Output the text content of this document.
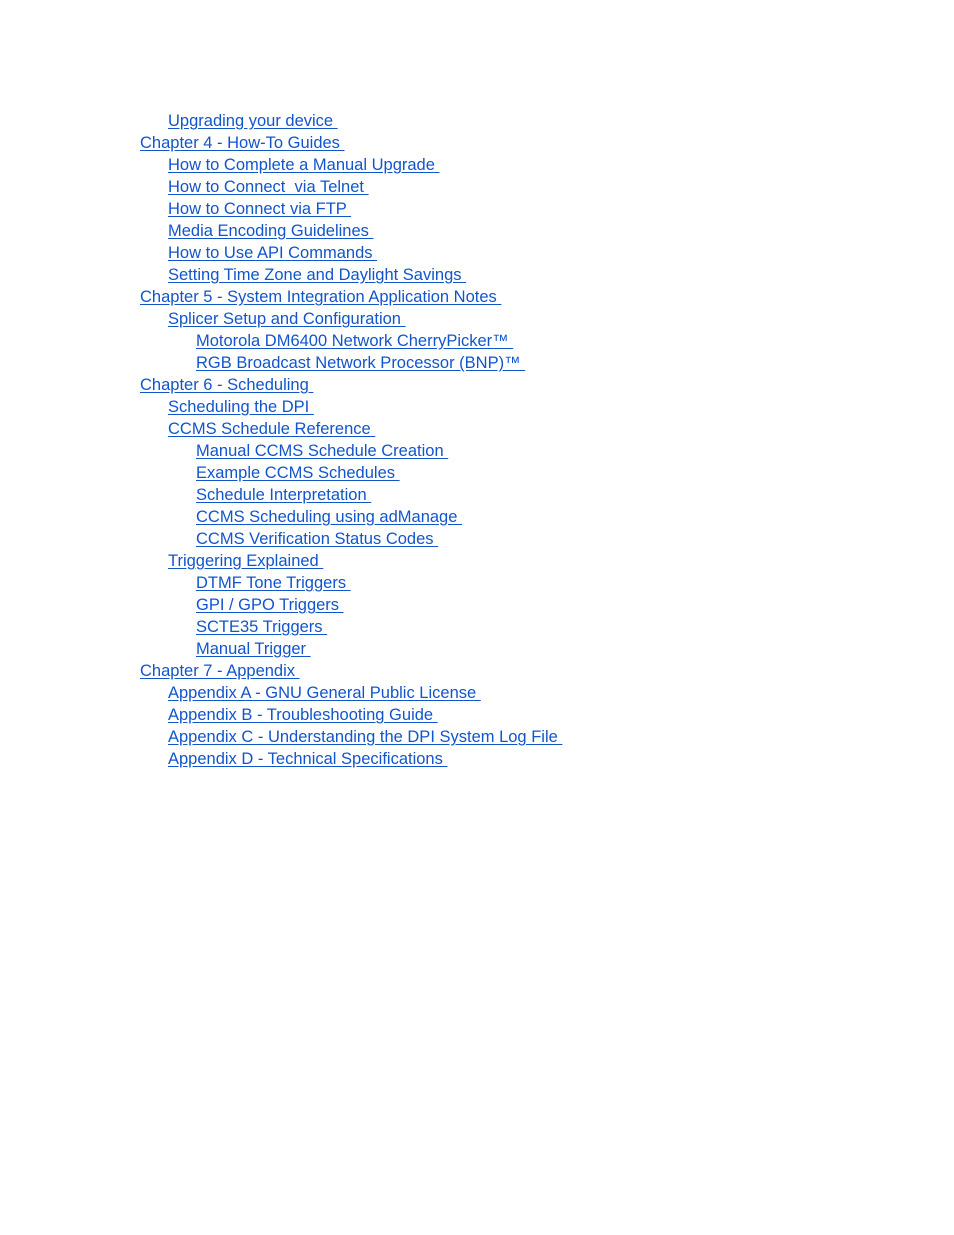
Upgrading your device
Chapter 4 - How-To Guides
How to Complete a Manual Upgrade
How to Connect  via Telnet
How to Connect via FTP
Media Encoding Guidelines
How to Use API Commands
Setting Time Zone and Daylight Savings
Chapter 5 - System Integration Application Notes
Splicer Setup and Configuration
Motorola DM6400 Network CherryPicker™
RGB Broadcast Network Processor (BNP)™
Chapter 6 - Scheduling
Scheduling the DPI
CCMS Schedule Reference
Manual CCMS Schedule Creation
Example CCMS Schedules
Schedule Interpretation
CCMS Scheduling using adManage
CCMS Verification Status Codes
Triggering Explained
DTMF Tone Triggers
GPI / GPO Triggers
SCTE35 Triggers
Manual Trigger
Chapter 7 - Appendix
Appendix A - GNU General Public License
Appendix B - Troubleshooting Guide
Appendix C - Understanding the DPI System Log File
Appendix D - Technical Specifications
